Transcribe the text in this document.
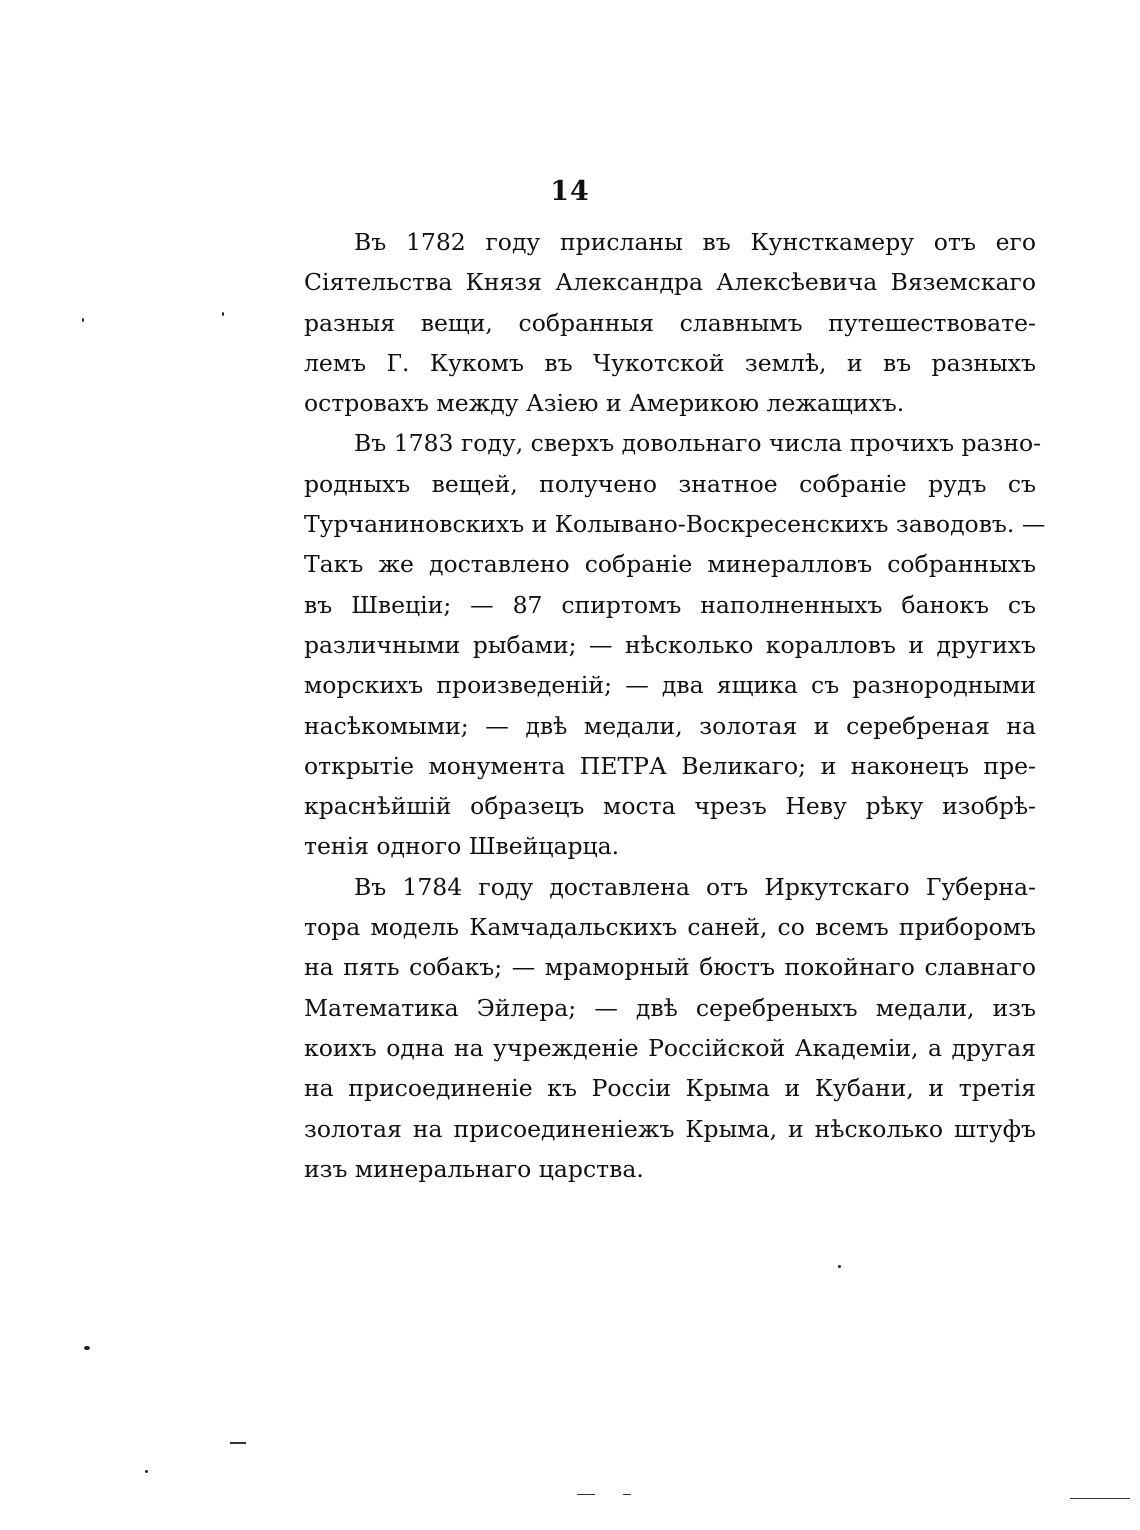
14
Въ 1782 году присланы въ Кунсткамеру отъ его
Сiятельства Князя Александра Алексѣевича Вяземскаго
разныя вещи, собранныя славнымъ путешествовате-
лемъ Г. Кукомъ въ Чукотской землѣ, и въ разныхъ
островахъ между Азiею и Америкою лежащихъ.
Въ 1783 году, сверхъ довольнаго числа прочихъ разно-
родныхъ вещей, получено знатное собранiе рудъ съ
Турчаниновскихъ и Колывано-Воскресенскихъ заводовъ. —
Такъ же доставлено собранiе минералловъ собранныхъ
въ Швецiи; — 87 спиртомъ наполненныхъ банокъ съ
различными рыбами; — нѣсколько коралловъ и другихъ
морскихъ произведенiй; — два ящика съ разнородными
насѣкомыми; — двѣ медали, золотая и серебреная на
открытiе монумента ПЕТРА Великаго; и наконецъ пре-
краснѣйшiй образецъ моста чрезъ Неву рѣку изобрѣ-
тенiя одного Швейцарца.
Въ 1784 году доставлена отъ Иркутскаго Губерна-
тора модель Камчадальскихъ саней, со всемъ приборомъ
на пять собакъ; — мраморный бюстъ покойнаго славнаго
Математика Эйлера; — двѣ серебреныхъ медали, изъ
коихъ одна на учрежденiе Россiйской Академiи, а другая
на присоединенiе къ Россiи Крыма и Кубани, и третiя
золотая на присоединенiежъ Крыма, и нѣсколько штуфъ
изъ минеральнаго царства.
